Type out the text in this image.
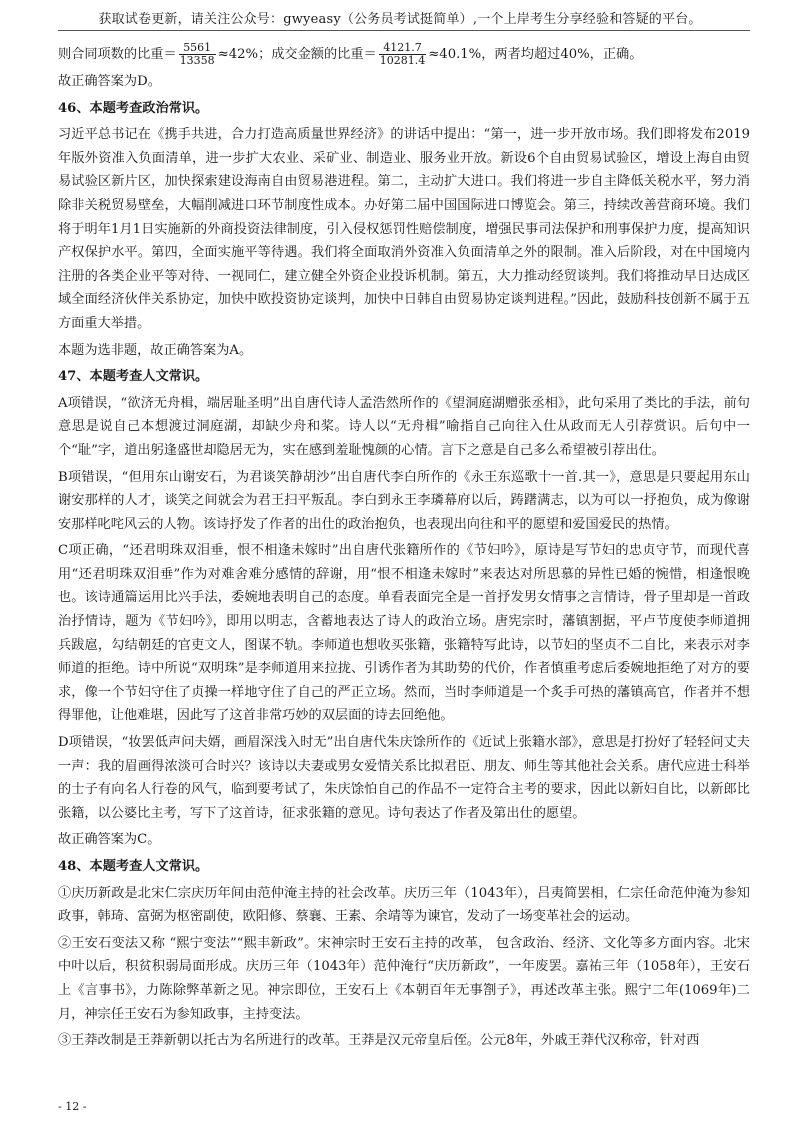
获取试卷更新，请关注公众号：gwyeasy（公务员考试挺简单）,一个上岸考生分享经验和答疑的平台。

则合同项数的比重＝ $\frac{5561}{13358} \approx 42\%$；成交金额的比重＝ $\frac{4121.7}{10281.4} \approx 40.1\%$，两者均超过40%，正确。

故正确答案为D。

46、本题考查政治常识。

习近平总书记在《携手共进，合力打造高质量世界经济》的讲话中提出：“第一，进一步开放市场。我们即将发布2019年版外资准入负面清单，进一步扩大农业、采矿业、制造业、服务业开放。新设6个自由贸易试验区，增设上海自由贸易试验区新片区，加快探索建设海南自由贸易港进程。第二，主动扩大进口。我们将进一步自主降低关税水平，努力消除非关税贸易壁垒，大幅削减进口环节制度性成本。办好第二届中国国际进口博览会。第三，持续改善营商环境。我们将于明年1月1日实施新的外商投资法律制度，引入侵权惩罚性赔偿制度，增强民事司法保护和刑事保护力度，提高知识产权保护水平。第四，全面实施平等待遇。我们将全面取消外资准入负面清单之外的限制。准入后阶段，对在中国境内注册的各类企业平等对待、一视同仁，建立健全外资企业投诉机制。第五，大力推动经贸谈判。我们将推动早日达成区域全面经济伙伴关系协定，加快中欧投资协定谈判，加快中日韩自由贸易协定谈判进程。”因此，鼓励科技创新不属于五方面重大举措。

本题为选非题，故正确答案为A。

47、本题考查人文常识。

A项错误，“欲济无舟楫，端居耻圣明”出自唐代诗人孟浩然所作的《望洞庭湖赠张丞相》，此句采用了类比的手法，前句意思是说自己本想渡过洞庭湖，却缺少舟和桨。诗人以“无舟楫”喻指自己向往入仕从政而无人引荐赏识。后句中一个“耻”字，道出躬逢盛世却隐居无为，实在感到羞耻愧颜的心情。言下之意是自己多么希望被引荐出仕。

B项错误，“但用东山谢安石，为君谈笑静胡沙”出自唐代李白所作的《永王东巡歌十一首.其一》，意思是只要起用东山谢安那样的人才，谈笑之间就会为君王扫平叛乱。李白到永王李璘幕府以后，踌躇满志，以为可以一抒抱负，成为像谢安那样叱咤风云的人物。该诗抒发了作者的出仕的政治抱负，也表现出向往和平的愿望和爱国爱民的热情。

C项正确，“还君明珠双泪垂，恨不相逢未嫁时”出自唐代张籍所作的《节妇吟》，原诗是写节妇的忠贞守节，而现代喜用“还君明珠双泪垂”作为对难舍难分感情的辞谢，用“恨不相逢未嫁时”来表达对所思慕的异性已婚的惋惜，相逢恨晚也。该诗通篇运用比兴手法，委婉地表明自己的态度。单看表面完全是一首抒发男女情事之言情诗，骨子里却是一首政治抒情诗，题为《节妇吟》，即用以明志，含蓄地表达了诗人的政治立场。唐宪宗时，藩镇割据，平卢节度使李师道拥兵跋扈，勾结朝廷的官吏文人，图谋不轨。李师道也想收买张籍，张籍特写此诗，以节妇的坚贞不二自比，来表示对李师道的拒绝。诗中所说“双明珠”是李师道用来拉拢、引诱作者为其助势的代价，作者慎重考虑后委婉地拒绝了对方的要求，像一个节妇守住了贞操一样地守住了自己的严正立场。然而，当时李师道是一个炙手可热的藩镇高官，作者并不想得罪他，让他难堪，因此写了这首非常巧妙的双层面的诗去回绝他。

D项错误，“妆罢低声问夫婿，画眉深浅入时无”出自唐代朱庆馀所作的《近试上张籍水部》，意思是打扮好了轻轻问丈夫一声：我的眉画得浓淡可合时兴？该诗以夫妻或男女爱情关系比拟君臣、朋友、师生等其他社会关系。唐代应进士科举的士子有向名人行卷的风气，临到要考试了，朱庆馀怕自己的作品不一定符合主考的要求，因此以新妇自比，以新郎比张籍，以公婆比主考，写下了这首诗，征求张籍的意见。诗句表达了作者及第出仕的愿望。

故正确答案为C。

48、本题考查人文常识。

①庆历新政是北宋仁宗庆历年间由范仲淹主持的社会改革。庆历三年（1043年），吕夷简罢相，仁宗任命范仲淹为参知政事，韩琦、富弼为枢密副使，欧阳修、蔡襄、王素、余靖等为谏官，发动了一场变革社会的运动。

②王安石变法又称 “熙宁变法”“熙丰新政”。宋神宗时王安石主持的改革， 包含政治、经济、文化等多方面内容。北宋中叶以后，积贫积弱局面形成。庆历三年（1043年）范仲淹行“庆历新政”，一年废罢。嘉祐三年（1058年），王安石上《言事书》，力陈除弊革新之见。神宗即位，王安石上《本朝百年无事劄子》，再述改革主张。熙宁二年(1069年)二月，神宗任王安石为参知政事，主持变法。

③王莽改制是王莽新朝以托古为名所进行的改革。王莽是汉元帝皇后侄。公元8年，外戚王莽代汉称帝，针对西

- 12 -
